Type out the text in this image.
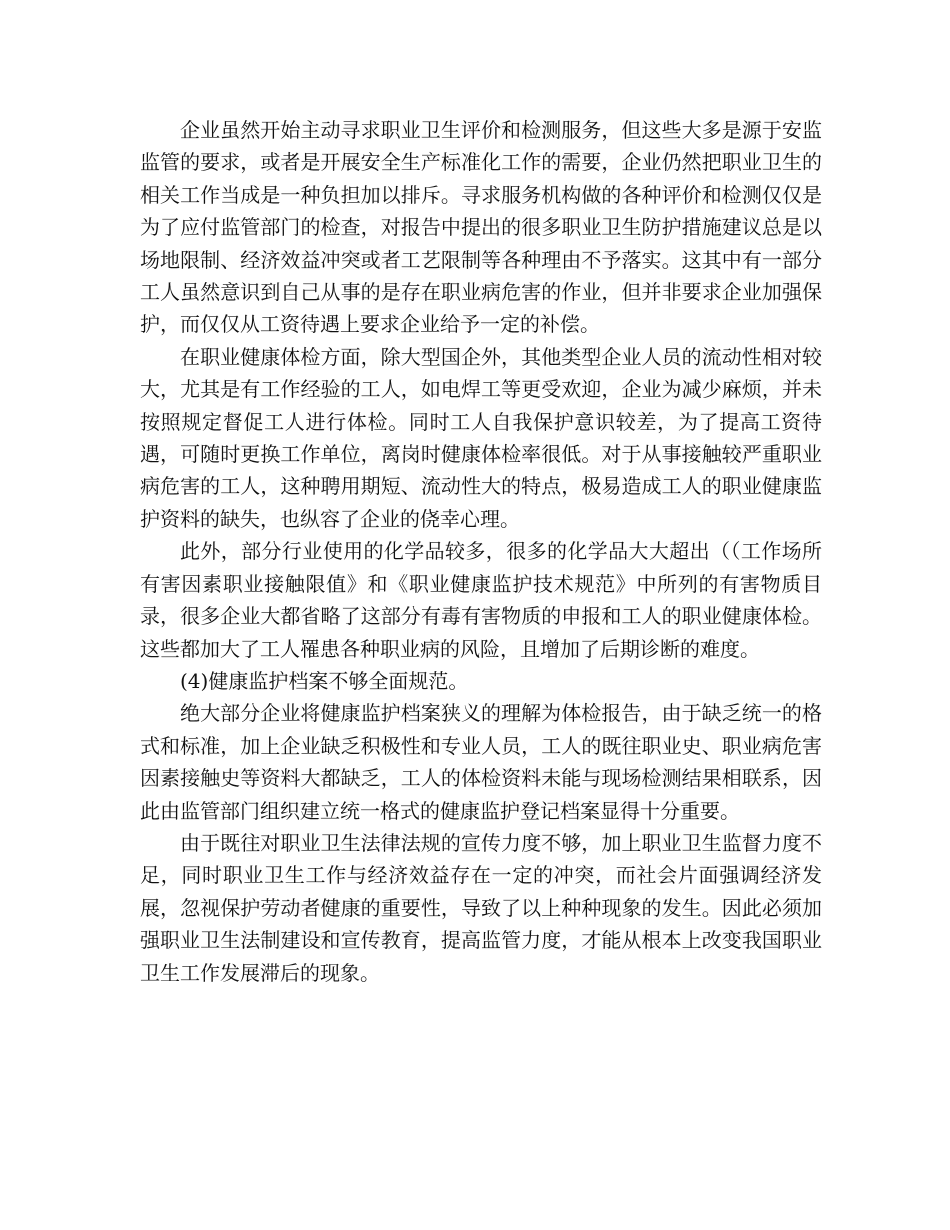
企业虽然开始主动寻求职业卫生评价和检测服务，但这些大多是源于安监监管的要求，或者是开展安全生产标准化工作的需要，企业仍然把职业卫生的相关工作当成是一种负担加以排斥。寻求服务机构做的各种评价和检测仅仅是为了应付监管部门的检查，对报告中提出的很多职业卫生防护措施建议总是以场地限制、经济效益冲突或者工艺限制等各种理由不予落实。这其中有一部分工人虽然意识到自己从事的是存在职业病危害的作业，但并非要求企业加强保护，而仅仅从工资待遇上要求企业给予一定的补偿。

在职业健康体检方面，除大型国企外，其他类型企业人员的流动性相对较大，尤其是有工作经验的工人，如电焊工等更受欢迎，企业为减少麻烦，并未按照规定督促工人进行体检。同时工人自我保护意识较差，为了提高工资待遇，可随时更换工作单位，离岗时健康体检率很低。对于从事接触较严重职业病危害的工人，这种聘用期短、流动性大的特点，极易造成工人的职业健康监护资料的缺失，也纵容了企业的侥幸心理。

此外，部分行业使用的化学品较多，很多的化学品大大超出（（工作场所有害因素职业接触限值》和《职业健康监护技术规范》中所列的有害物质目录，很多企业大都省略了这部分有毒有害物质的申报和工人的职业健康体检。这些都加大了工人罹患各种职业病的风险，且增加了后期诊断的难度。

(4)健康监护档案不够全面规范。

绝大部分企业将健康监护档案狭义的理解为体检报告，由于缺乏统一的格式和标准，加上企业缺乏积极性和专业人员，工人的既往职业史、职业病危害因素接触史等资料大都缺乏，工人的体检资料未能与现场检测结果相联系，因此由监管部门组织建立统一格式的健康监护登记档案显得十分重要。

由于既往对职业卫生法律法规的宣传力度不够，加上职业卫生监督力度不足，同时职业卫生工作与经济效益存在一定的冲突，而社会片面强调经济发展，忽视保护劳动者健康的重要性，导致了以上种种现象的发生。因此必须加强职业卫生法制建设和宣传教育，提高监管力度，才能从根本上改变我国职业卫生工作发展滞后的现象。
